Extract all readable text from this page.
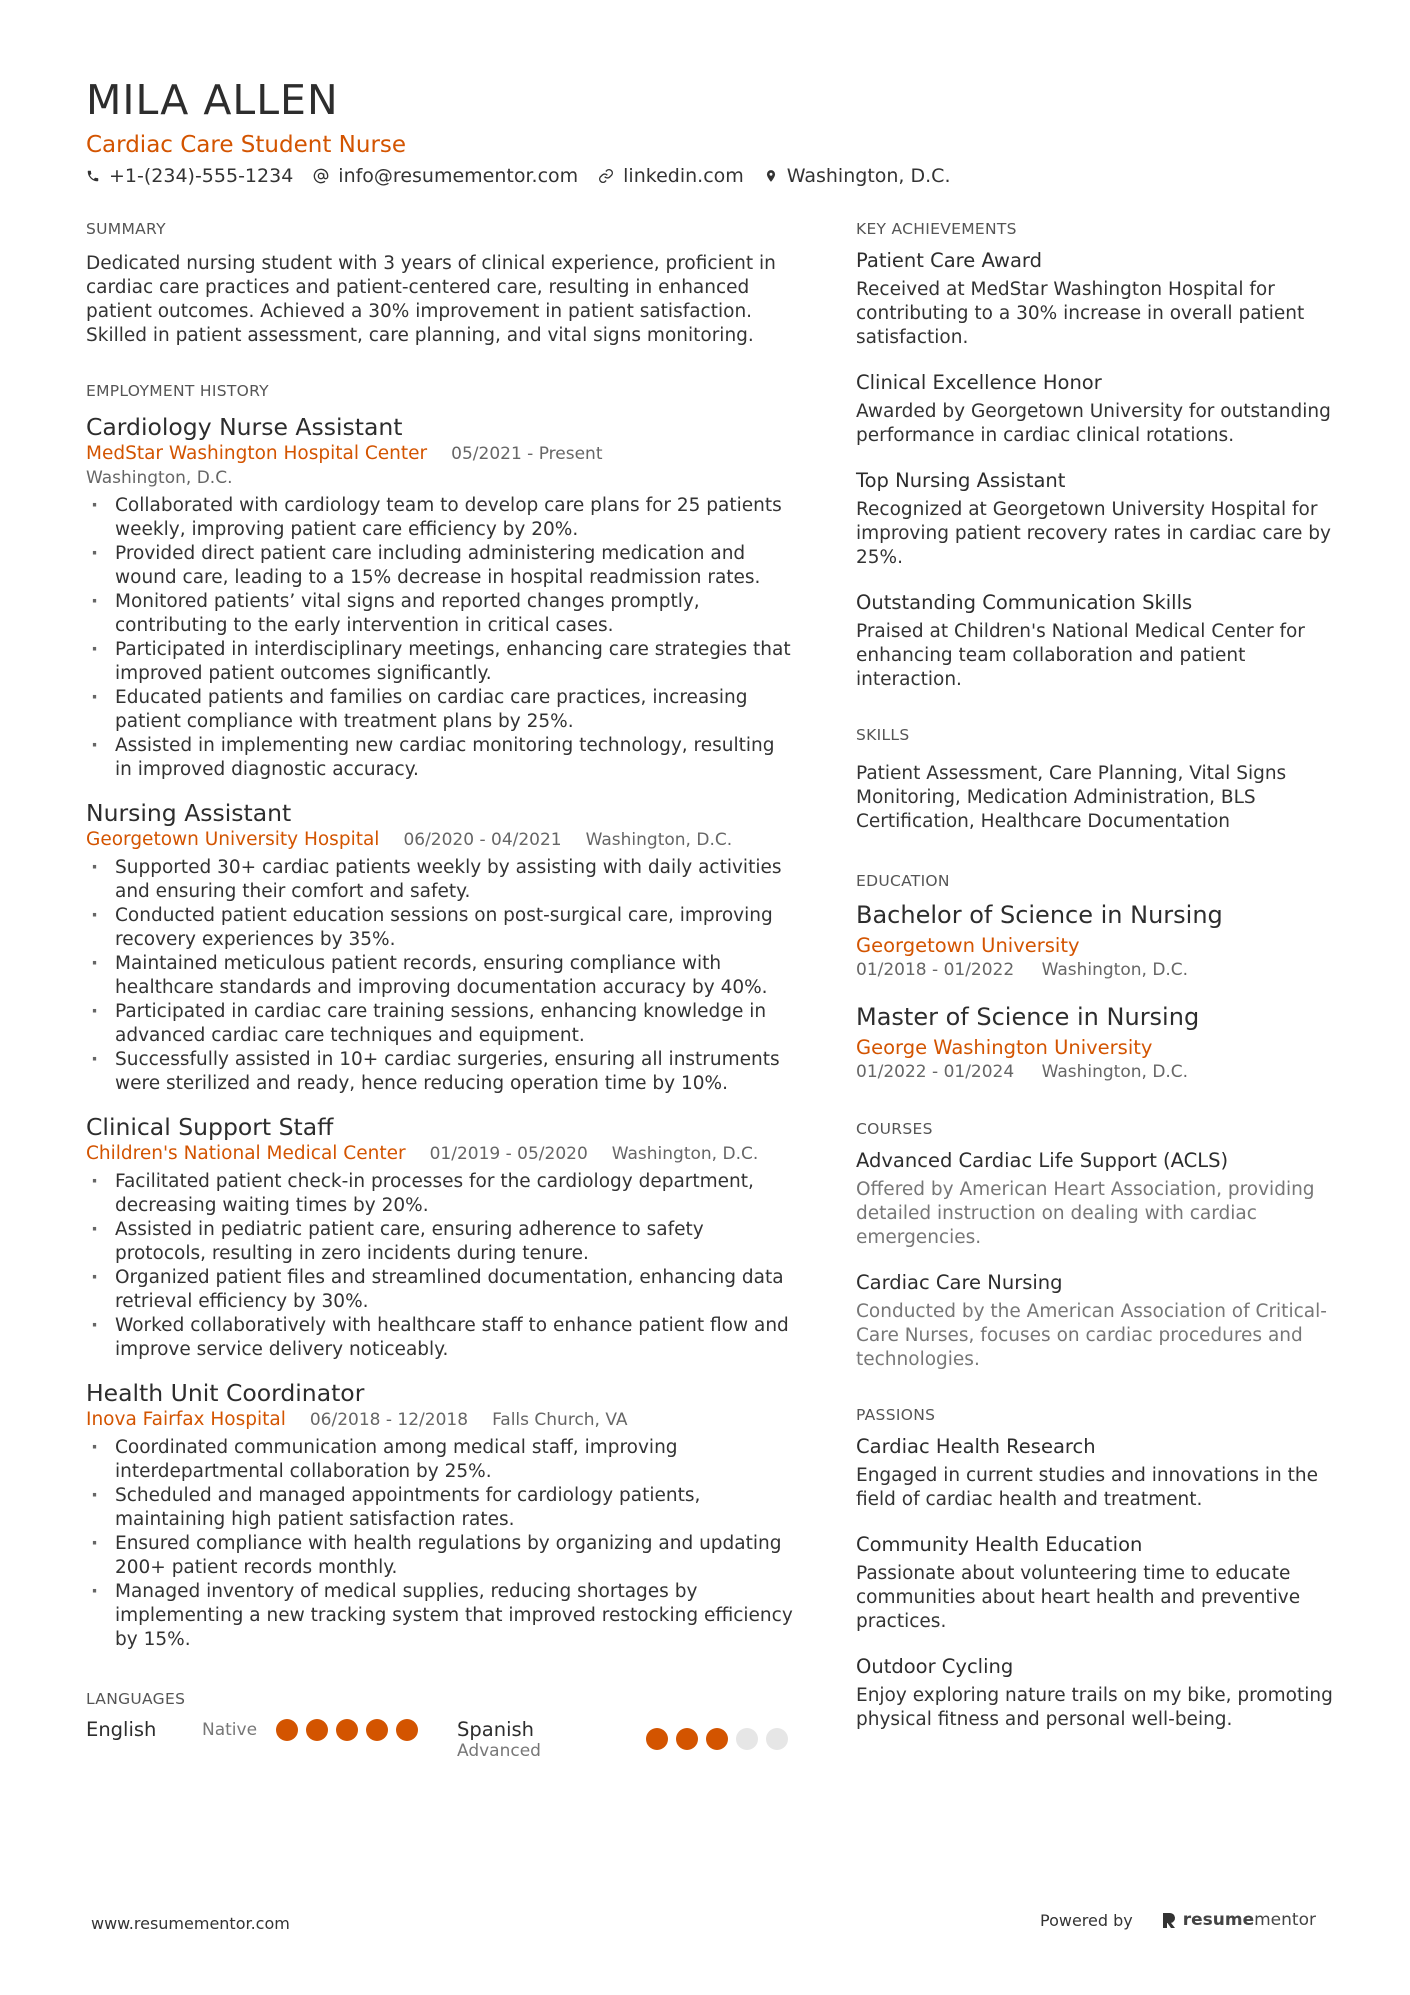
MILA ALLEN
Cardiac Care Student Nurse
+1-(234)-555-1234 info@resumementor.com linkedin.com Washington, D.C.
SUMMARY
Dedicated nursing student with 3 years of clinical experience, proficient in cardiac care practices and patient-centered care, resulting in enhanced patient outcomes. Achieved a 30% improvement in patient satisfaction. Skilled in patient assessment, care planning, and vital signs monitoring.
EMPLOYMENT HISTORY
Cardiology Nurse Assistant
MedStar Washington Hospital Center 05/2021 - Present
Washington, D.C.
· Collaborated with cardiology team to develop care plans for 25 patients weekly, improving patient care efficiency by 20%.
· Provided direct patient care including administering medication and wound care, leading to a 15% decrease in hospital readmission rates.
· Monitored patients’ vital signs and reported changes promptly, contributing to the early intervention in critical cases.
· Participated in interdisciplinary meetings, enhancing care strategies that improved patient outcomes significantly.
· Educated patients and families on cardiac care practices, increasing patient compliance with treatment plans by 25%.
· Assisted in implementing new cardiac monitoring technology, resulting in improved diagnostic accuracy.
Nursing Assistant
Georgetown University Hospital 06/2020 - 04/2021 Washington, D.C.
· Supported 30+ cardiac patients weekly by assisting with daily activities and ensuring their comfort and safety.
· Conducted patient education sessions on post-surgical care, improving recovery experiences by 35%.
· Maintained meticulous patient records, ensuring compliance with healthcare standards and improving documentation accuracy by 40%.
· Participated in cardiac care training sessions, enhancing knowledge in advanced cardiac care techniques and equipment.
· Successfully assisted in 10+ cardiac surgeries, ensuring all instruments were sterilized and ready, hence reducing operation time by 10%.
Clinical Support Staff
Children's National Medical Center 01/2019 - 05/2020 Washington, D.C.
· Facilitated patient check-in processes for the cardiology department, decreasing waiting times by 20%.
· Assisted in pediatric patient care, ensuring adherence to safety protocols, resulting in zero incidents during tenure.
· Organized patient files and streamlined documentation, enhancing data retrieval efficiency by 30%.
· Worked collaboratively with healthcare staff to enhance patient flow and improve service delivery noticeably.
Health Unit Coordinator
Inova Fairfax Hospital 06/2018 - 12/2018 Falls Church, VA
· Coordinated communication among medical staff, improving interdepartmental collaboration by 25%.
· Scheduled and managed appointments for cardiology patients, maintaining high patient satisfaction rates.
· Ensured compliance with health regulations by organizing and updating 200+ patient records monthly.
· Managed inventory of medical supplies, reducing shortages by implementing a new tracking system that improved restocking efficiency by 15%.
LANGUAGES
English	Native	Spanish
Advanced
KEY ACHIEVEMENTS
Patient Care Award
Received at MedStar Washington Hospital for contributing to a 30% increase in overall patient satisfaction.
Clinical Excellence Honor
Awarded by Georgetown University for outstanding performance in cardiac clinical rotations.
Top Nursing Assistant
Recognized at Georgetown University Hospital for improving patient recovery rates in cardiac care by 25%.
Outstanding Communication Skills
Praised at Children's National Medical Center for enhancing team collaboration and patient interaction.
SKILLS
Patient Assessment, Care Planning, Vital Signs Monitoring, Medication Administration, BLS Certification, Healthcare Documentation
EDUCATION
Bachelor of Science in Nursing
Georgetown University
01/2018 - 01/2022 Washington, D.C.
Master of Science in Nursing
George Washington University
01/2022 - 01/2024 Washington, D.C.
COURSES
Advanced Cardiac Life Support (ACLS)
Offered by American Heart Association, providing detailed instruction on dealing with cardiac emergencies.
Cardiac Care Nursing
Conducted by the American Association of Critical-Care Nurses, focuses on cardiac procedures and technologies.
PASSIONS
Cardiac Health Research
Engaged in current studies and innovations in the field of cardiac health and treatment.
Community Health Education
Passionate about volunteering time to educate communities about heart health and preventive practices.
Outdoor Cycling
Enjoy exploring nature trails on my bike, promoting physical fitness and personal well-being.
www.resumementor.com	Powered by	resume mentor
